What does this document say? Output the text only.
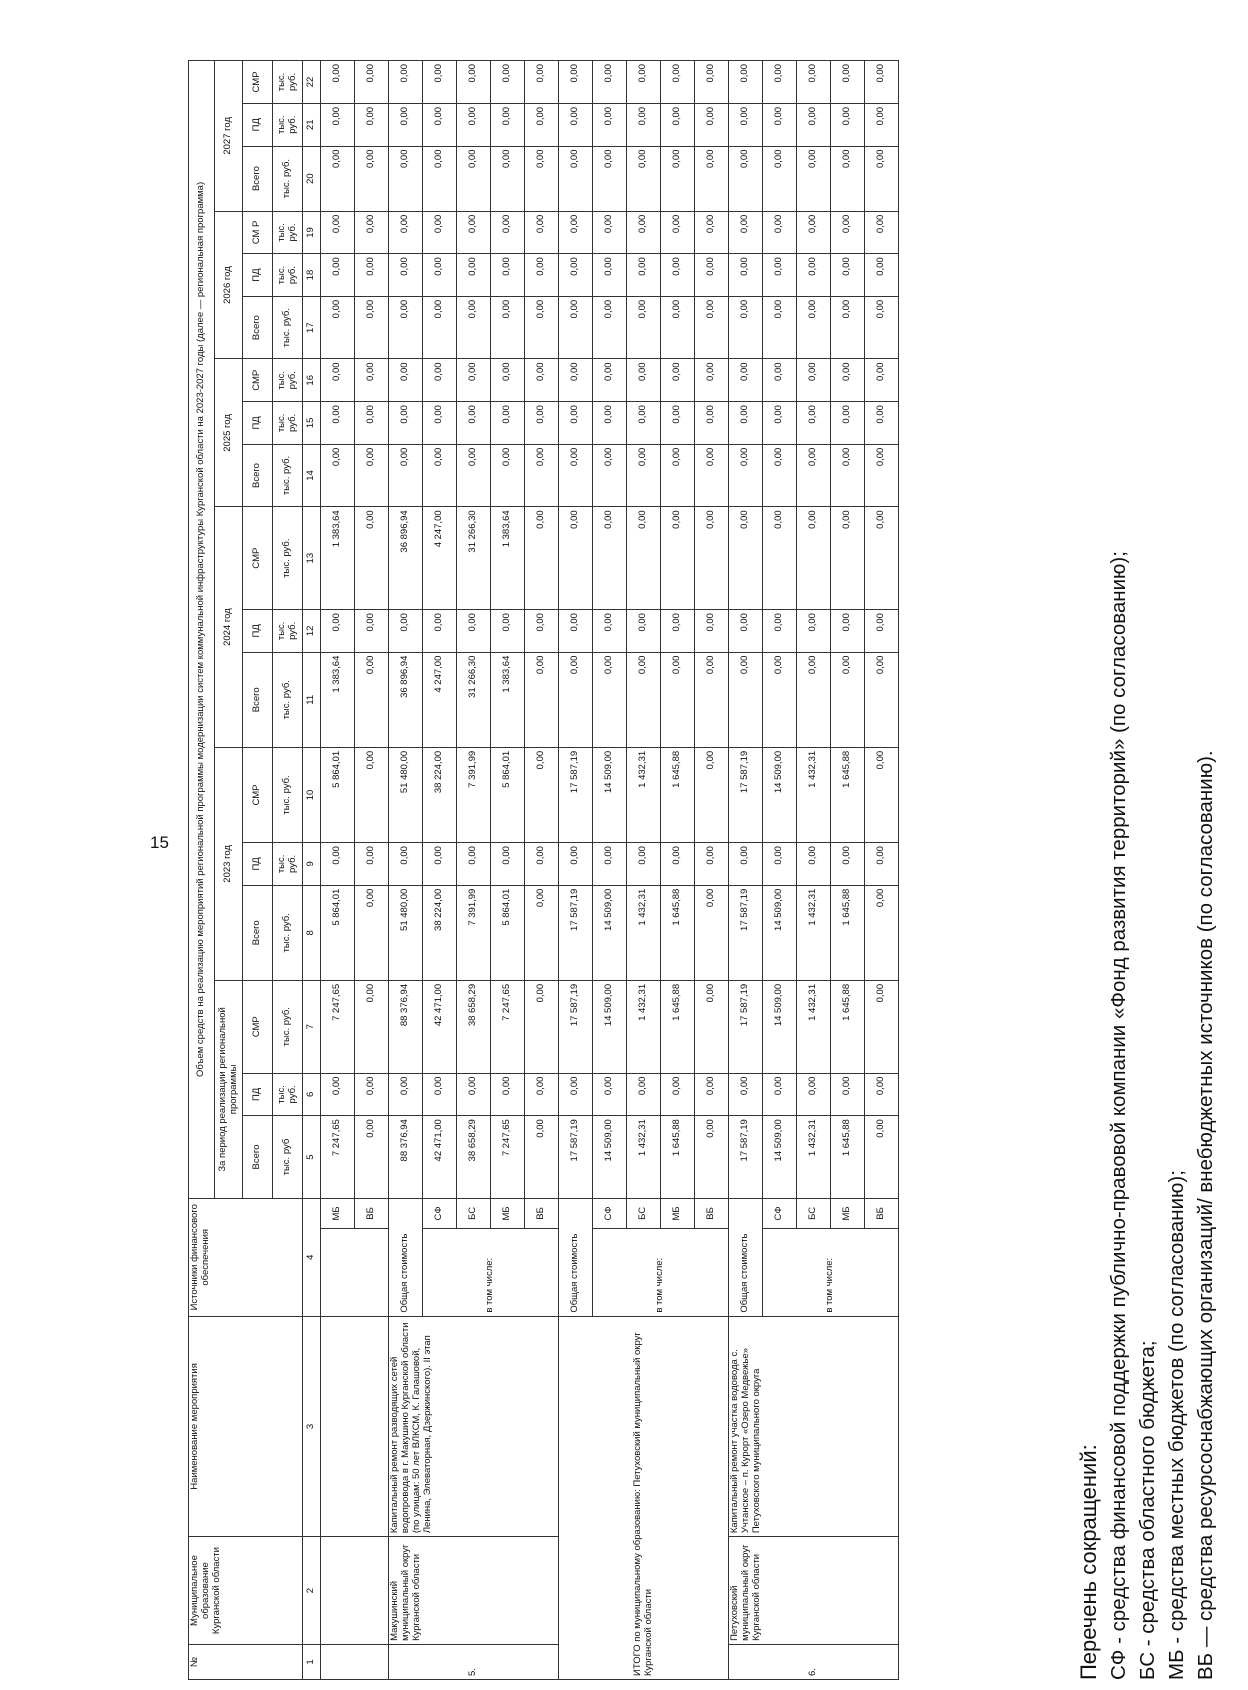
15
№	Муниципальное образование Курганской области	Наименование мероприятия	Источники финансового обеспечения		Объем средств на реализацию мероприятий региональной программы модернизации систем коммунальной инфраструктуры Курганской области на 2023-2027 годы (далее — региональная программа)																	
					За период реализации региональной программы			2023 год			2024 год			2025 год			2026 год			2027 год		
					Всего	ПД	СМР	Всего	ПД	СМР	Всего	ПД	СМР	Всего	ПД	СМР	Всего	ПД	СМ Р	Всего	ПД	СМР
					тыс. руб	тыс. руб.	тыс. руб.	тыс. руб.	тыс. руб.	тыс. руб.	тыс. руб.	тыс. руб.	тыс. руб.	тыс. руб.	тыс. руб.	тыс. руб.	тыс. руб.	тыс. руб.	тыс. руб.	тыс. руб.	тыс. руб.	тыс. руб.
1	2	3	4		5	6	7	8	9	10	11	12	13	14	15	16	17	18	19	20	21	22
				МБ	7 247,65	0,00	7 247,65	5 864,01	0,00	5 864,01	1 383,64	0,00	1 383,64	0,00	0,00	0,00	0,00	0,00	0,00	0,00	0,00	0,00
				ВБ	0,00	0,00	0,00	0,00	0,00	0,00	0,00	0,00	0,00	0,00	0,00	0,00	0,00	0,00	0,00	0,00	0,00	0,00
5.	Макушинский муниципальный округ Курганской области	Капитальный ремонт разводящих сетей водопровода в г. Макушино Курганской области (по улицам: 50 лет ВЛКСМ, К. Галашовой, Ленина, Элеваторная, Дзержинского). II этап	Общая стоимость		88 376,94	0,00	88 376,94	51 480,00	0,00	51 480,00	36 896,94	0,00	36 896,94	0,00	0,00	0,00	0,00	0,00	0,00	0,00	0,00	0,00
			в том числе:	СФ	42 471,00	0,00	42 471,00	38 224,00	0,00	38 224,00	4 247,00	0,00	4 247,00	0,00	0,00	0,00	0,00	0,00	0,00	0,00	0,00	0,00
				БС	38 658,29	0,00	38 658,29	7 391,99	0,00	7 391,99	31 266,30	0,00	31 266,30	0,00	0,00	0,00	0,00	0,00	0,00	0,00	0,00	0,00
				МБ	7 247,65	0,00	7 247,65	5 864,01	0,00	5 864,01	1 383,64	0,00	1 383,64	0,00	0,00	0,00	0,00	0,00	0,00	0,00	0,00	0,00
				ВБ	0,00	0,00	0,00	0,00	0,00	0,00	0,00	0,00	0,00	0,00	0,00	0,00	0,00	0,00	0,00	0,00	0,00	0,00
ИТОГО по муниципальному образованию: Петуховский муниципальный округ Курганской области			Общая стоимость		17 587,19	0,00	17 587,19	17 587,19	0,00	17 587,19	0,00	0,00	0,00	0,00	0,00	0,00	0,00	0,00	0,00	0,00	0,00	0,00
			в том числе:	СФ	14 509,00	0,00	14 509,00	14 509,00	0,00	14 509,00	0,00	0,00	0,00	0,00	0,00	0,00	0,00	0,00	0,00	0,00	0,00	0,00
				БС	1 432,31	0,00	1 432,31	1 432,31	0,00	1 432,31	0,00	0,00	0,00	0,00	0,00	0,00	0,00	0,00	0,00	0,00	0,00	0,00
				МБ	1 645,88	0,00	1 645,88	1 645,88	0,00	1 645,88	0,00	0,00	0,00	0,00	0,00	0,00	0,00	0,00	0,00	0,00	0,00	0,00
				ВБ	0,00	0,00	0,00	0,00	0,00	0,00	0,00	0,00	0,00	0,00	0,00	0,00	0,00	0,00	0,00	0,00	0,00	0,00
6.	Петуховский муниципальный округ Курганской области	Капитальный ремонт участка водовода с. Учтанское – п. Курорт «Озеро Медвежье» Петуховского муниципального округа	Общая стоимость		17 587,19	0,00	17 587,19	17 587,19	0,00	17 587,19	0,00	0,00	0,00	0,00	0,00	0,00	0,00	0,00	0,00	0,00	0,00	0,00
			в том числе:	СФ	14 509,00	0,00	14 509,00	14 509,00	0,00	14 509,00	0,00	0,00	0,00	0,00	0,00	0,00	0,00	0,00	0,00	0,00	0,00	0,00
				БС	1 432,31	0,00	1 432,31	1 432,31	0,00	1 432,31	0,00	0,00	0,00	0,00	0,00	0,00	0,00	0,00	0,00	0,00	0,00	0,00
				МБ	1 645,88	0,00	1 645,88	1 645,88	0,00	1 645,88	0,00	0,00	0,00	0,00	0,00	0,00	0,00	0,00	0,00	0,00	0,00	0,00
				ВБ	0,00	0,00	0,00	0,00	0,00	0,00	0,00	0,00	0,00	0,00	0,00	0,00	0,00	0,00	0,00	0,00	0,00	0,00

Перечень сокращений: СФ - средства финансовой поддержки публично-правовой компании «Фонд развития территорий» (по согласованию); БС - средства областного бюджета; МБ - средства местных бюджетов (по согласованию); ВБ — средства ресурсоснабжающих организаций/ внебюджетных источников (по согласованию).
